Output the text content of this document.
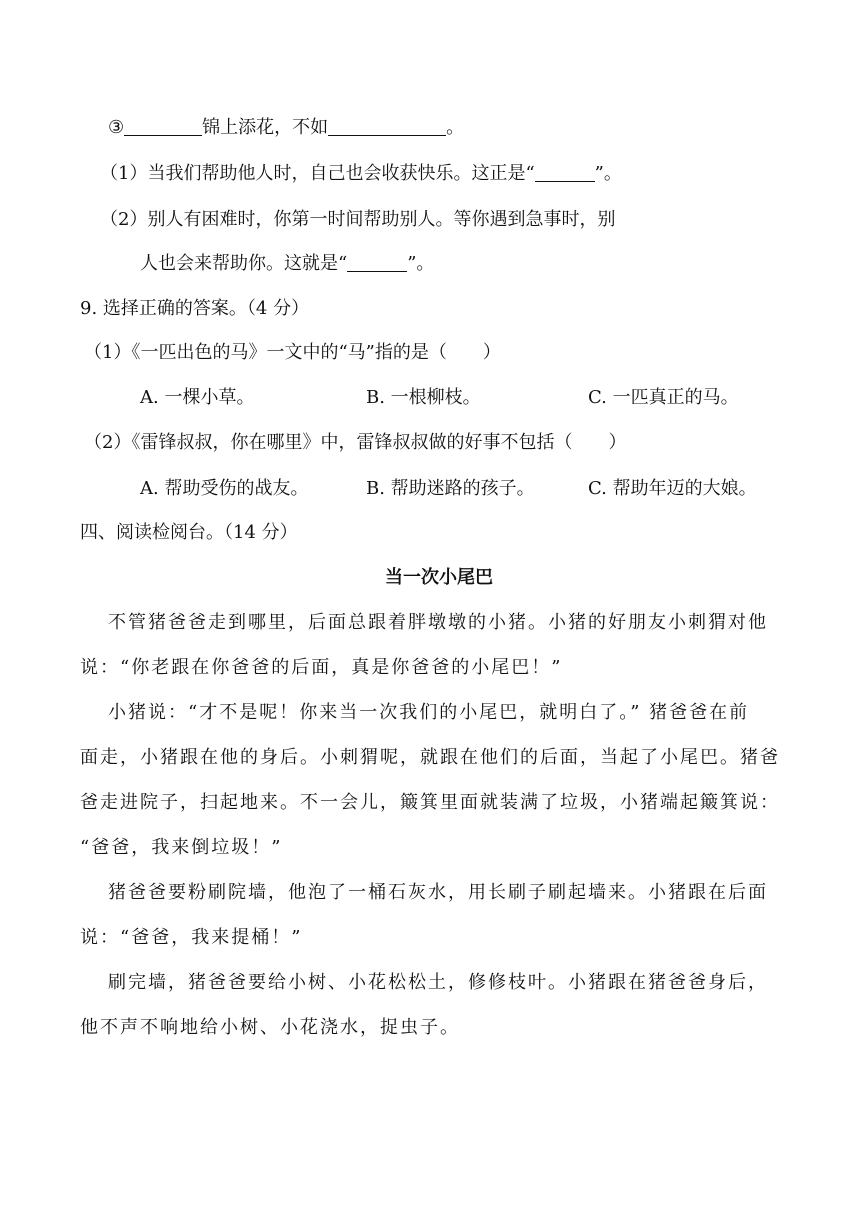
③	锦上添花，不如	。
（1）当我们帮助他人时，自己也会收获快乐。这正是“	”。
（2）别人有困难时，你第一时间帮助别人。等你遇到急事时，别
人也会来帮助你。这就是“	”。
9. 选择正确的答案。（4 分）
（1）《一匹出色的马》一文中的“马”指的是（　　）
A. 一棵小草。	B. 一根柳枝。	C. 一匹真正的马。
（2）《雷锋叔叔，你在哪里》中，雷锋叔叔做的好事不包括（　　）
A. 帮助受伤的战友。	B. 帮助迷路的孩子。	C. 帮助年迈的大娘。
四、阅读检阅台。（14 分）
当一次小尾巴
不管猪爸爸走到哪里，后面总跟着胖墩墩的小猪。小猪的好朋友小刺猬对他
说：“你老跟在你爸爸的后面，真是你爸爸的小尾巴！”
小猪说：“才不是呢！你来当一次我们的小尾巴，就明白了。” 猪爸爸在前
面走，小猪跟在他的身后。小刺猬呢，就跟在他们的后面，当起了小尾巴。猪爸
爸走进院子，扫起地来。不一会儿，簸箕里面就装满了垃圾，小猪端起簸箕说：
“爸爸，我来倒垃圾！”
猪爸爸要粉刷院墙，他泡了一桶石灰水，用长刷子刷起墙来。小猪跟在后面
说：“爸爸，我来提桶！”
刷完墙，猪爸爸要给小树、小花松松土，修修枝叶。小猪跟在猪爸爸身后，
他不声不响地给小树、小花浇水，捉虫子。
